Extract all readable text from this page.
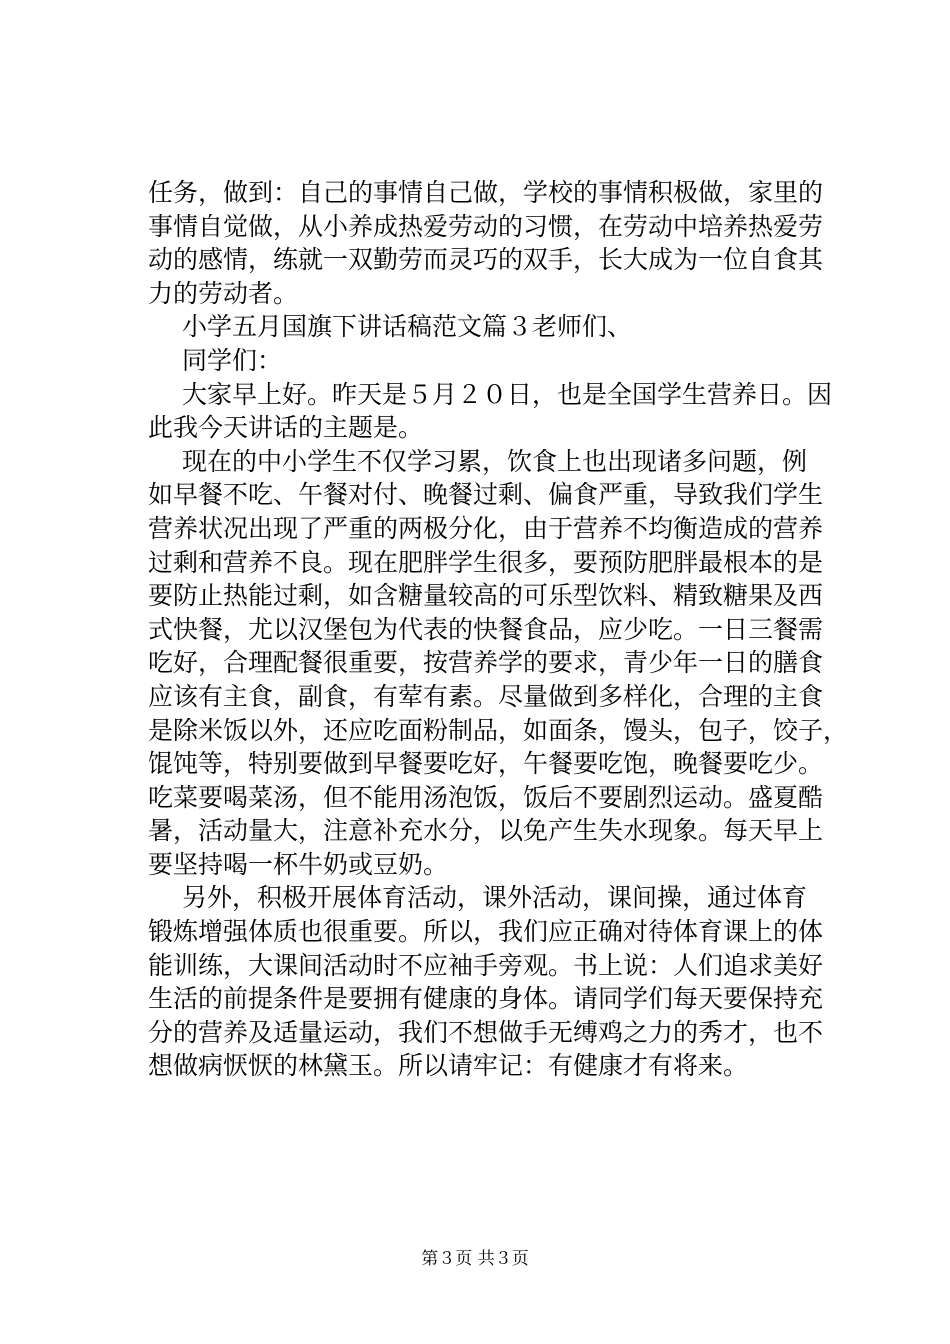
任务，做到：自己的事情自己做，学校的事情积极做，家里的
事情自觉做，从小养成热爱劳动的习惯，在劳动中培养热爱劳
动的感情，练就一双勤劳而灵巧的双手，长大成为一位自食其
力的劳动者。
小学五月国旗下讲话稿范文篇３老师们、
同学们：
大家早上好。昨天是５月２０日，也是全国学生营养日。因
此我今天讲话的主题是。
现在的中小学生不仅学习累，饮食上也出现诸多问题，例
如早餐不吃、午餐对付、晚餐过剩、偏食严重，导致我们学生
营养状况出现了严重的两极分化，由于营养不均衡造成的营养
过剩和营养不良。现在肥胖学生很多，要预防肥胖最根本的是
要防止热能过剩，如含糖量较高的可乐型饮料、精致糖果及西
式快餐，尤以汉堡包为代表的快餐食品，应少吃。一日三餐需
吃好，合理配餐很重要，按营养学的要求，青少年一日的膳食
应该有主食，副食，有荤有素。尽量做到多样化，合理的主食
是除米饭以外，还应吃面粉制品，如面条，馒头，包子，饺子，
馄饨等，特别要做到早餐要吃好，午餐要吃饱，晚餐要吃少。
吃菜要喝菜汤，但不能用汤泡饭，饭后不要剧烈运动。盛夏酷
暑，活动量大，注意补充水分，以免产生失水现象。每天早上
要坚持喝一杯牛奶或豆奶。
另外，积极开展体育活动，课外活动，课间操，通过体育
锻炼增强体质也很重要。所以，我们应正确对待体育课上的体
能训练，大课间活动时不应袖手旁观。书上说：人们追求美好
生活的前提条件是要拥有健康的身体。请同学们每天要保持充
分的营养及适量运动，我们不想做手无缚鸡之力的秀才，也不
想做病恹恹的林黛玉。所以请牢记：有健康才有将来。
第３页 共３页
